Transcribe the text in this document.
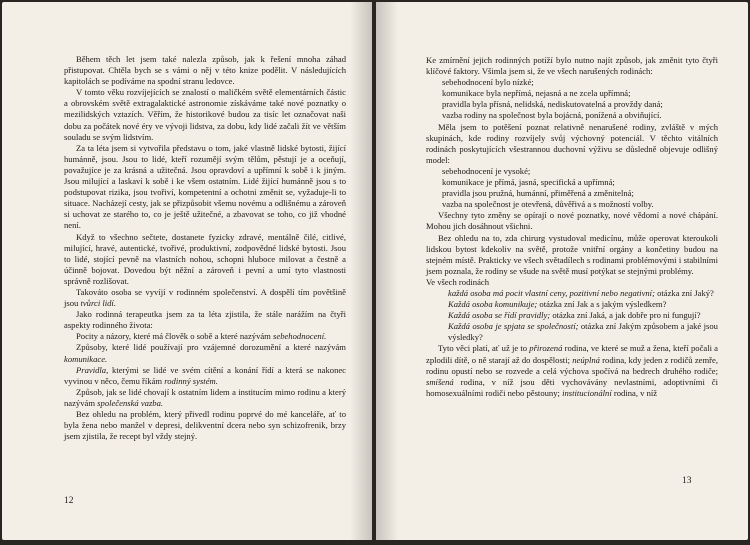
Během těch let jsem také nalezla způsob, jak k řešení mnoha záhad přistupovat. Chtěla bych se s vámi o něj v této knize podělit. V následujících kapitolách se podíváme na spodní stranu ledovce.

V tomto věku rozvíjejících se znalostí o maličkém světě elementárních částic a obrovském světě extragalaktické astronomie získáváme také nové poznatky o mezilidských vztazích. Věřím, že historikové budou za tisíc let označovat naši dobu za počátek nové éry ve vývoji lidstva, za dobu, kdy lidé začali žít ve větším souladu se svým lidstvím.

Za ta léta jsem si vytvořila představu o tom, jaké vlastně lidské bytosti, žijící humánně, jsou. Jsou to lidé, kteří rozumějí svým tělům, pěstují je a oceňují, považujíce je za krásná a užitečná. Jsou opravdoví a upřímní k sobě i k jiným. Jsou milující a laskaví k sobě i ke všem ostatním. Lidé žijící humánně jsou s to podstupovat rizika, jsou tvořiví, kompetentní a ochotni změnit se, vyžaduje-li to situace. Nacházejí cesty, jak se přizpůsobit všemu novému a odlišnému a zároveň si uchovat ze starého to, co je ještě užitečné, a zbavovat se toho, co již vhodné není.

Když to všechno sečtete, dostanete fyzicky zdravé, mentálně čilé, citlivé, milující, hravé, autentické, tvořivé, produktivní, zodpovědné lidské bytosti. Jsou to lidé, stojící pevně na vlastních nohou, schopni hluboce milovat a čestně a účinně bojovat. Dovedou být něžní a zároveň i pevní a umí tyto vlastnosti správně rozlišovat.

Takováto osoba se vyvíjí v rodinném společenství. A dospělí tím povětšině jsou tvůrci lidí.

Jako rodinná terapeutka jsem za ta léta zjistila, že stále narážím na čtyři aspekty rodinného života:

Pocity a názory, které má člověk o sobě a které nazývám sebehodnocení.

Způsoby, které lidé používají pro vzájemné dorozumění a které nazývám komunikace.

Pravidla, kterými se lidé ve svém cítění a konání řídí a která se nakonec vyvinou v něco, čemu říkám rodinný systém.

Způsob, jak se lidé chovají k ostatním lidem a institucím mimo rodinu a který nazývám společenská vazba.

Bez ohledu na problém, který přivedl rodinu poprvé do mé kanceláře, ať to byla žena nebo manžel v depresi, delikventní dcera nebo syn schizofrenik, brzy jsem zjistila, že recept byl vždy stejný.

12

Ke zmírnění jejich rodinných potíží bylo nutno najít způsob, jak změnit tyto čtyři klíčové faktory. Všimla jsem si, že ve všech narušených rodinách:

sebehodnocení bylo nízké;
komunikace byla nepřímá, nejasná a ne zcela upřímná;
pravidla byla přísná, nelidská, nediskutovatelná a provždy daná;
vazba rodiny na společnost byla bojácná, ponížená a obviňující.

Měla jsem to potěšení poznat relativně nenarušené rodiny, zvláště v mých skupinách, kde rodiny rozvíjely svůj výchovný potenciál. V těchto vitálních rodinách poskytujících všestrannou duchovní výživu se důsledně objevuje odlišný model:

sebehodnocení je vysoké;
komunikace je přímá, jasná, specifická a upřímná;
pravidla jsou pružná, humánní, přiměřená a změnitelná;
vazba na společnost je otevřená, důvěřivá a s možností volby.

Všechny tyto změny se opírají o nové poznatky, nové vědomí a nové chápání. Mohou jich dosáhnout všichni.

Bez ohledu na to, zda chirurg vystudoval medicínu, může operovat kteroukoli lidskou bytost kdekoliv na světě, protože vnitřní orgány a končetiny budou na stejném místě. Prakticky ve všech světadílech s rodinami problémovými i stabilními jsem poznala, že rodiny se všude na světě musí potýkat se stejnými problémy.

Ve všech rodinách

každá osoba má pocit vlastní ceny, pozitivní nebo negativní; otázka zní Jaký?
Každá osoba komunikuje; otázka zní Jak a s jakým výsledkem?
Každá osoba se řídí pravidly; otázka zní Jaká, a jak dobře pro ni fungují?
Každá osoba je spjata se společností; otázka zní Jakým způsobem a jaké jsou výsledky?

Tyto věci platí, ať už je to přirozená rodina, ve které se muž a žena, kteří počali a zplodili dítě, o ně starají až do dospělosti; neúplná rodina, kdy jeden z rodičů zemře, rodinu opustí nebo se rozvede a celá výchova spočívá na bedrech druhého rodiče; smíšená rodina, v níž jsou děti vychovávány nevlastními, adoptivními či homosexuálními rodiči nebo pěstouny; institucionální rodina, v níž

13
